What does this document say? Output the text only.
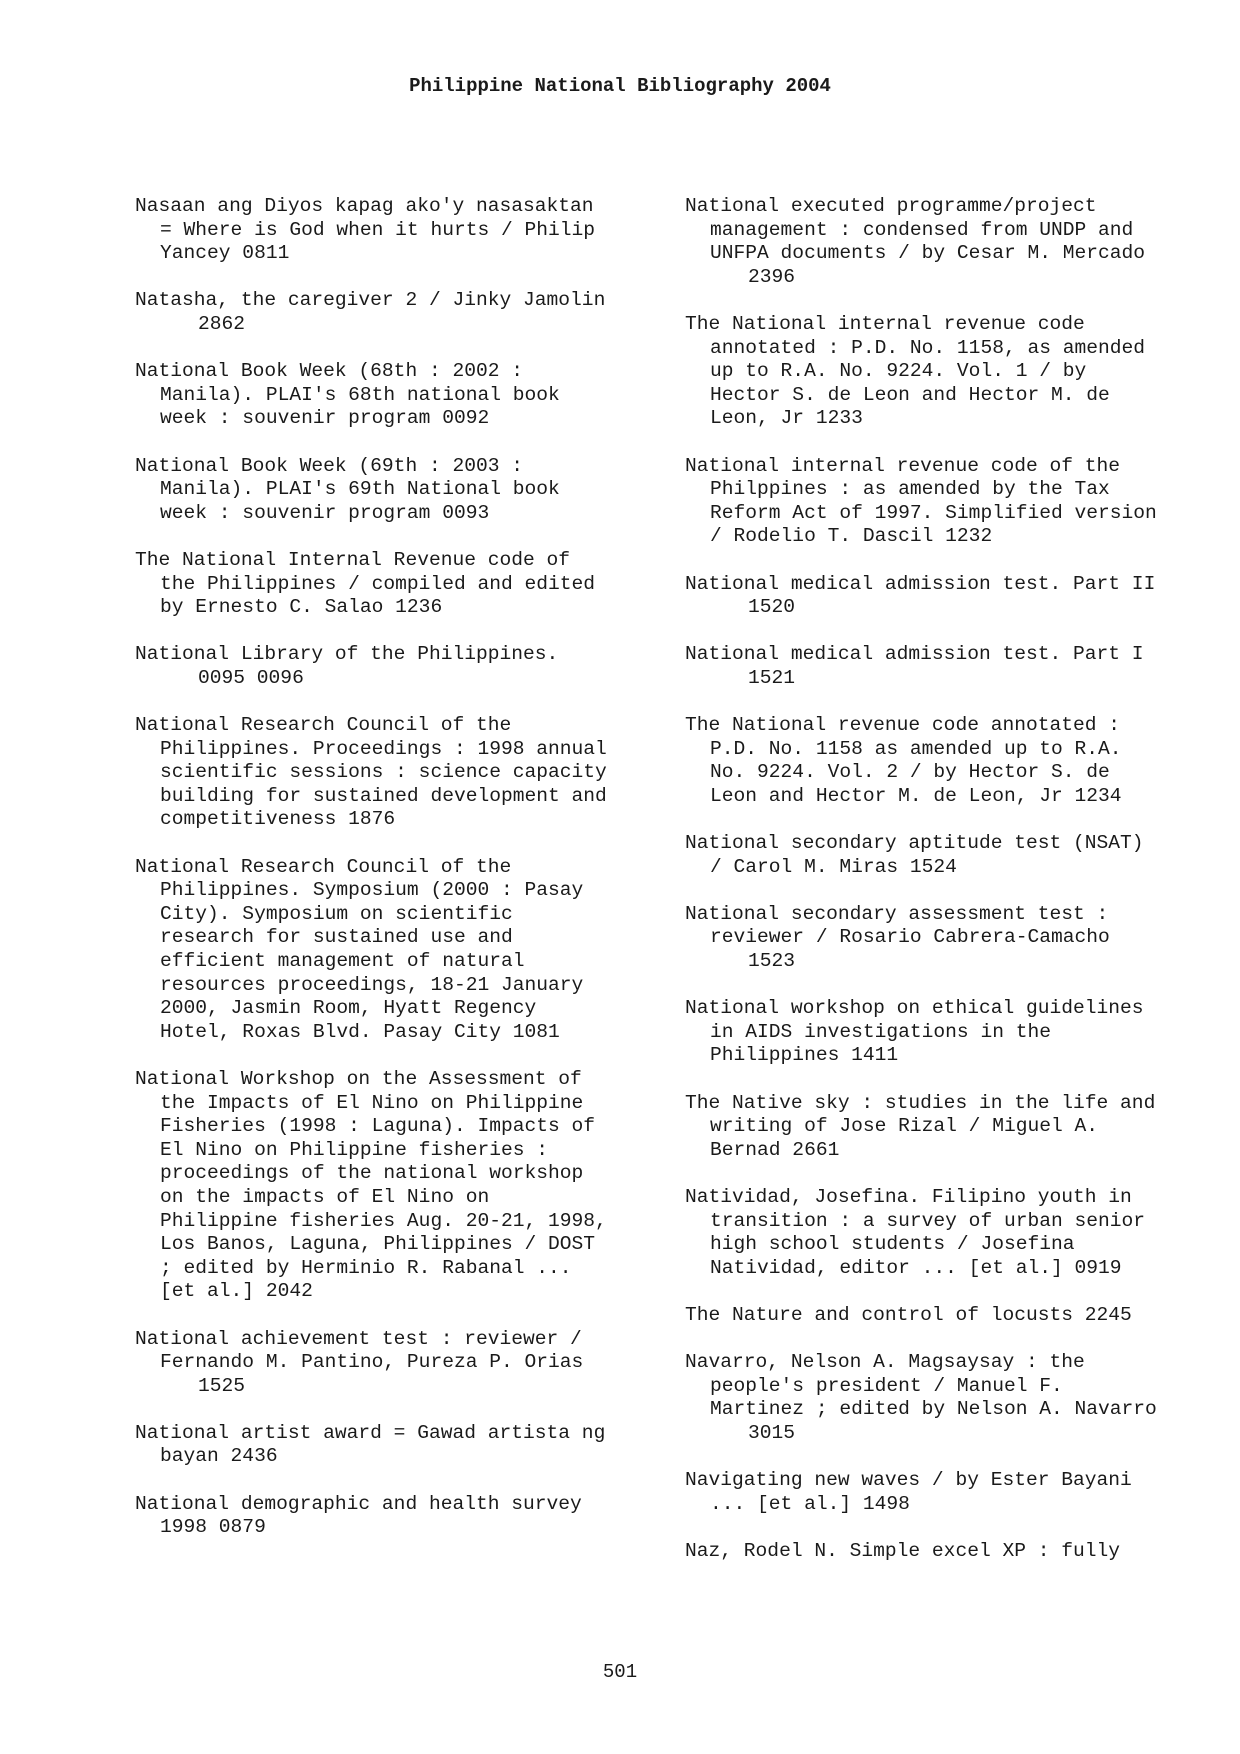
Philippine National Bibliography 2004
Nasaan ang Diyos kapag ako'y nasasaktan
= Where is God when it hurts / Philip
Yancey 0811
Natasha, the caregiver 2 / Jinky Jamolin
2862
National Book Week (68th : 2002 :
Manila). PLAI's 68th national book
week : souvenir program 0092
National Book Week (69th : 2003 :
Manila). PLAI's 69th National book
week : souvenir program 0093
The National Internal Revenue code of
the Philippines / compiled and edited
by Ernesto C. Salao 1236
National Library of the Philippines.
0095 0096
National Research Council of the
Philippines. Proceedings : 1998 annual
scientific sessions : science capacity
building for sustained development and
competitiveness 1876
National Research Council of the
Philippines. Symposium (2000 : Pasay
City). Symposium on scientific
research for sustained use and
efficient management of natural
resources proceedings, 18-21 January
2000, Jasmin Room, Hyatt Regency
Hotel, Roxas Blvd. Pasay City 1081
National Workshop on the Assessment of
the Impacts of El Nino on Philippine
Fisheries (1998 : Laguna). Impacts of
El Nino on Philippine fisheries :
proceedings of the national workshop
on the impacts of El Nino on
Philippine fisheries Aug. 20-21, 1998,
Los Banos, Laguna, Philippines / DOST
; edited by Herminio R. Rabanal ...
[et al.] 2042
National achievement test : reviewer /
Fernando M. Pantino, Pureza P. Orias
1525
National artist award = Gawad artista ng
bayan 2436
National demographic and health survey
1998 0879
National executed programme/project
management : condensed from UNDP and
UNFPA documents / by Cesar M. Mercado
2396
The National internal revenue code
annotated : P.D. No. 1158, as amended
up to R.A. No. 9224. Vol. 1 / by
Hector S. de Leon and Hector M. de
Leon, Jr 1233
National internal revenue code of the
Philppines : as amended by the Tax
Reform Act of 1997. Simplified version
/ Rodelio T. Dascil 1232
National medical admission test. Part II
1520
National medical admission test. Part I
1521
The National revenue code annotated :
P.D. No. 1158 as amended up to R.A.
No. 9224. Vol. 2 / by Hector S. de
Leon and Hector M. de Leon, Jr 1234
National secondary aptitude test (NSAT)
/ Carol M. Miras 1524
National secondary assessment test :
reviewer / Rosario Cabrera-Camacho
1523
National workshop on ethical guidelines
in AIDS investigations in the
Philippines 1411
The Native sky : studies in the life and
writing of Jose Rizal / Miguel A.
Bernad 2661
Natividad, Josefina. Filipino youth in
transition : a survey of urban senior
high school students / Josefina
Natividad, editor ... [et al.] 0919
The Nature and control of locusts 2245
Navarro, Nelson A. Magsaysay : the
people's president / Manuel F.
Martinez ; edited by Nelson A. Navarro
3015
Navigating new waves / by Ester Bayani
... [et al.] 1498
Naz, Rodel N. Simple excel XP : fully
501
